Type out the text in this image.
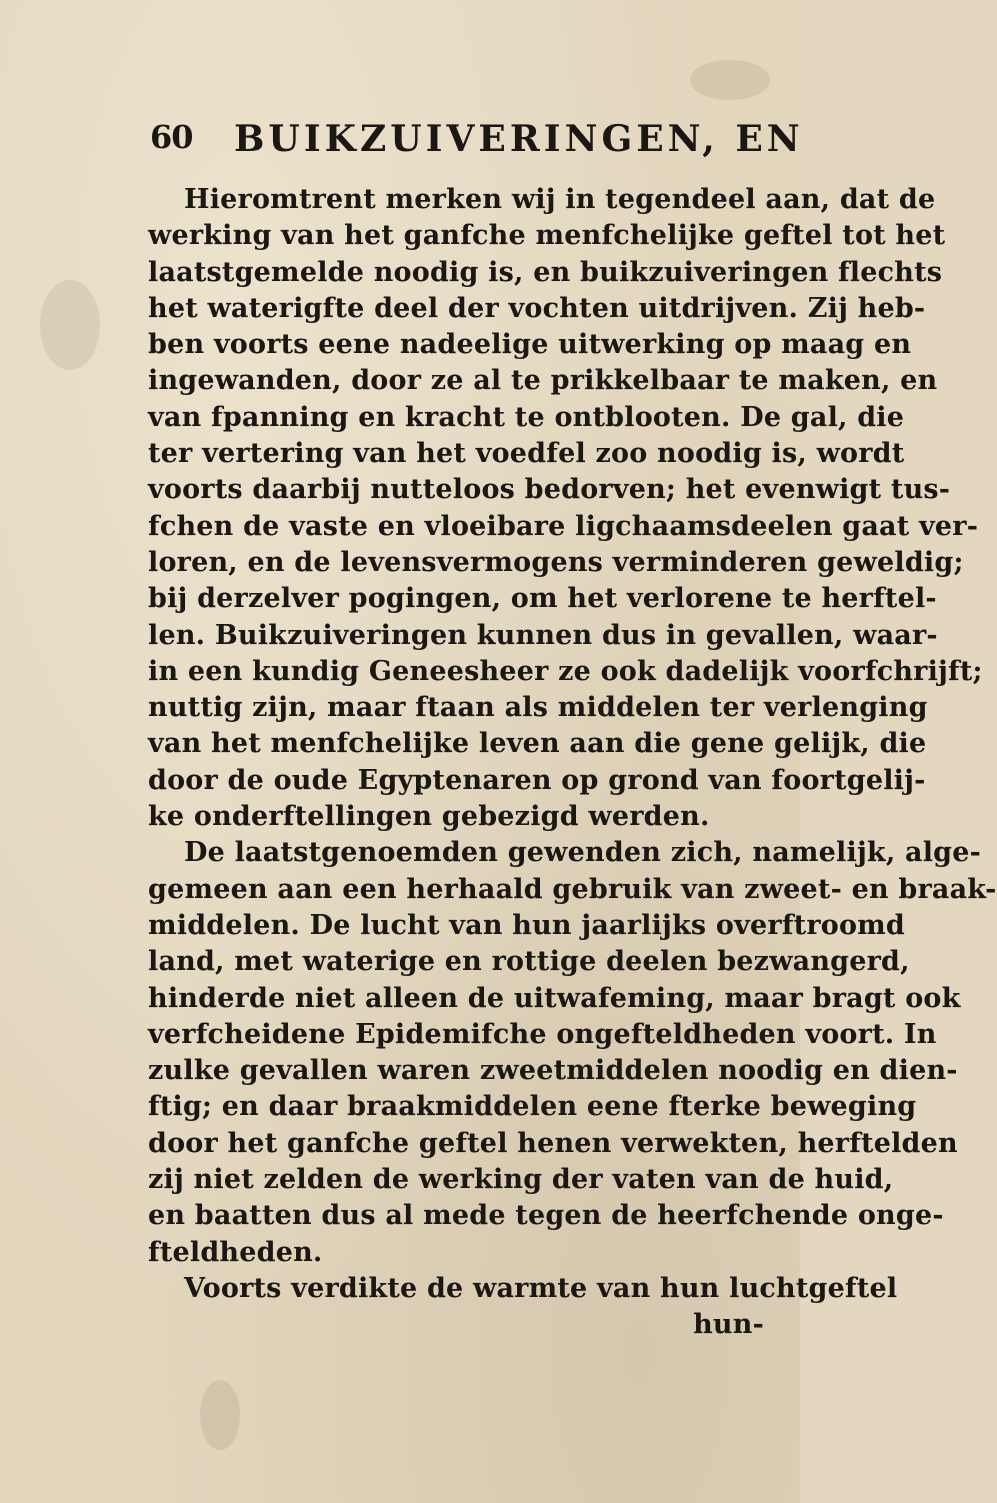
60 BUIKZUIVERINGEN, EN
Hieromtrent merken wij in tegendeel aan, dat de
werking van het ganfche menfchelijke geftel tot het
laatstgemelde noodig is, en buikzuiveringen flechts
het waterigfte deel der vochten uitdrijven. Zij heb-
ben voorts eene nadeelige uitwerking op maag en
ingewanden, door ze al te prikkelbaar te maken, en
van fpanning en kracht te ontblooten. De gal, die
ter vertering van het voedfel zoo noodig is, wordt
voorts daarbij nutteloos bedorven; het evenwigt tus-
fchen de vaste en vloeibare ligchaamsdeelen gaat ver-
loren, en de levensvermogens verminderen geweldig;
bij derzelver pogingen, om het verlorene te herftel-
len. Buikzuiveringen kunnen dus in gevallen, waar-
in een kundig Geneesheer ze ook dadelijk voorfchrijft;
nuttig zijn, maar ftaan als middelen ter verlenging
van het menfchelijke leven aan die gene gelijk, die
door de oude Egyptenaren op grond van foortgelij-
ke onderftellingen gebezigd werden.
De laatstgenoemden gewenden zich, namelijk, alge-
gemeen aan een herhaald gebruik van zweet- en braak-
middelen. De lucht van hun jaarlijks overftroomd
land, met waterige en rottige deelen bezwangerd,
hinderde niet alleen de uitwafeming, maar bragt ook
verfcheidene Epidemifche ongefteldheden voort. In
zulke gevallen waren zweetmiddelen noodig en dien-
ftig; en daar braakmiddelen eene fterke beweging
door het ganfche geftel henen verwekten, herftelden
zij niet zelden de werking der vaten van de huid,
en baatten dus al mede tegen de heerfchende onge-
fteldheden.
Voorts verdikte de warmte van hun luchtgeftel
hun-
